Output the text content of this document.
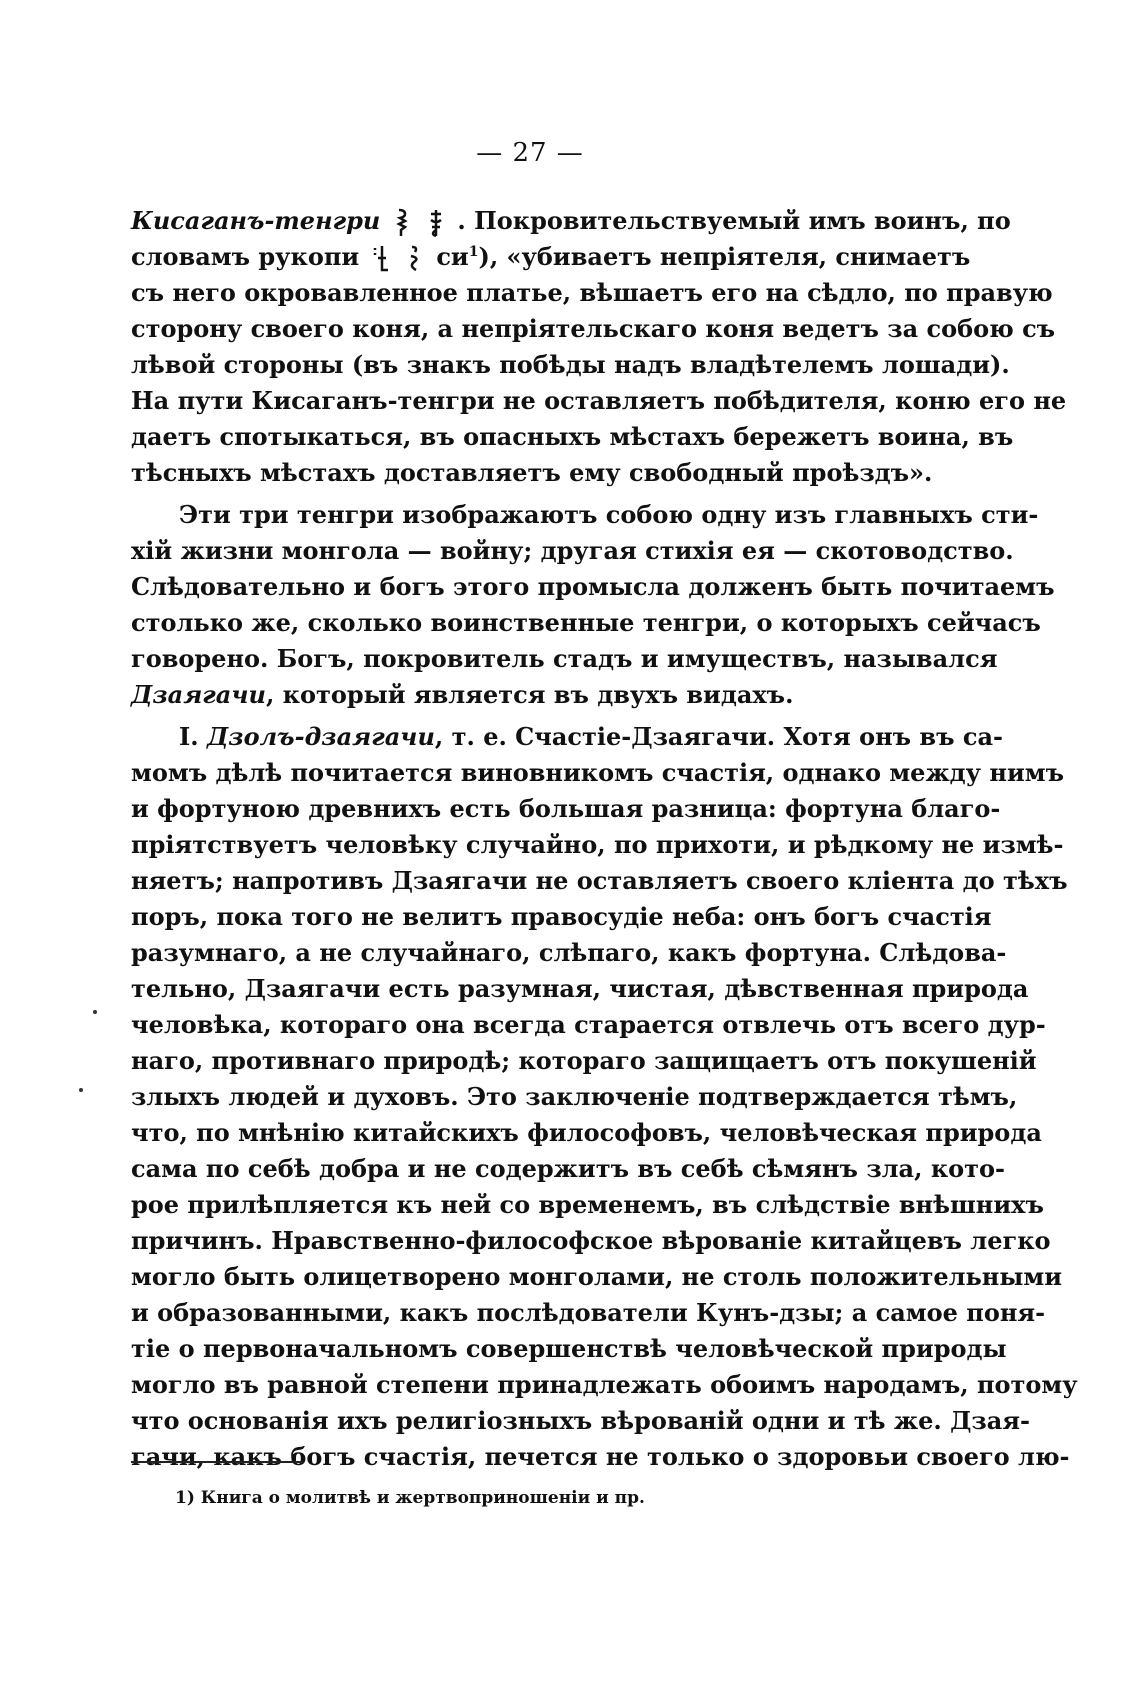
— 27 —
Кисаганъ-тенгри	. Покровительствуемый имъ воинъ, по
словамъ рукопи	$си^1$), «убиваетъ непріятеля, снимаетъ
съ него окровавленное платье, вѣшаетъ его на сѣдло, по правую
сторону своего коня, а непріятельскаго коня ведетъ за собою съ
лѣвой стороны (въ знакъ побѣды надъ владѣтелемъ лошади).
На пути Кисаганъ-тенгри не оставляетъ побѣдителя, коню его не
даетъ спотыкаться, въ опасныхъ мѣстахъ бережетъ воина, въ
тѣсныхъ мѣстахъ доставляетъ ему свободный проѣздъ».
Эти три тенгри изображаютъ собою одну изъ главныхъ сти-
хій жизни монгола — войну; другая стихія ея — скотоводство.
Слѣдовательно и богъ этого промысла долженъ быть почитаемъ
столько же, сколько воинственные тенгри, о которыхъ сейчасъ
говорено. Богъ, покровитель стадъ и имуществъ, назывался
Дзаягачи, который является въ двухъ видахъ.
I. Дзолъ-дзаягачи, т. е. Счастіе-Дзаягачи. Хотя онъ въ са-
момъ дѣлѣ почитается виновникомъ счастія, однако между нимъ
и фортуною древнихъ есть большая разница: фортуна благо-
пріятствуетъ человѣку случайно, по прихоти, и рѣдкому не измѣ-
няетъ; напротивъ Дзаягачи не оставляетъ своего кліента до тѣхъ
поръ, пока того не велитъ правосудіе неба: онъ богъ счастія
разумнаго, а не случайнаго, слѣпаго, какъ фортуна. Слѣдова-
тельно, Дзаягачи есть разумная, чистая, дѣвственная природа
человѣка, котораго она всегда старается отвлечь отъ всего дур-
наго, противнаго природѣ; котораго защищаетъ отъ покушеній
злыхъ людей и духовъ. Это заключеніе подтверждается тѣмъ,
что, по мнѣнію китайскихъ философовъ, человѣческая природа
сама по себѣ добра и не содержитъ въ себѣ сѣмянъ зла, кото-
рое прилѣпляется къ ней со временемъ, въ слѣдствіе внѣшнихъ
причинъ. Нравственно-философское вѣрованіе китайцевъ легко
могло быть олицетворено монголами, не столь положительными
и образованными, какъ послѣдователи Кунъ-дзы; а самое поня-
тіе о первоначальномъ совершенствѣ человѣческой природы
могло въ равной степени принадлежать обоимъ народамъ, потому
что основанія ихъ религіозныхъ вѣрованій одни и тѣ же. Дзая-
гачи, какъ богъ счастія, печется не только о здоровьи своего лю-
1) Книга о молитвѣ и жертвоприношеніи и пр.
